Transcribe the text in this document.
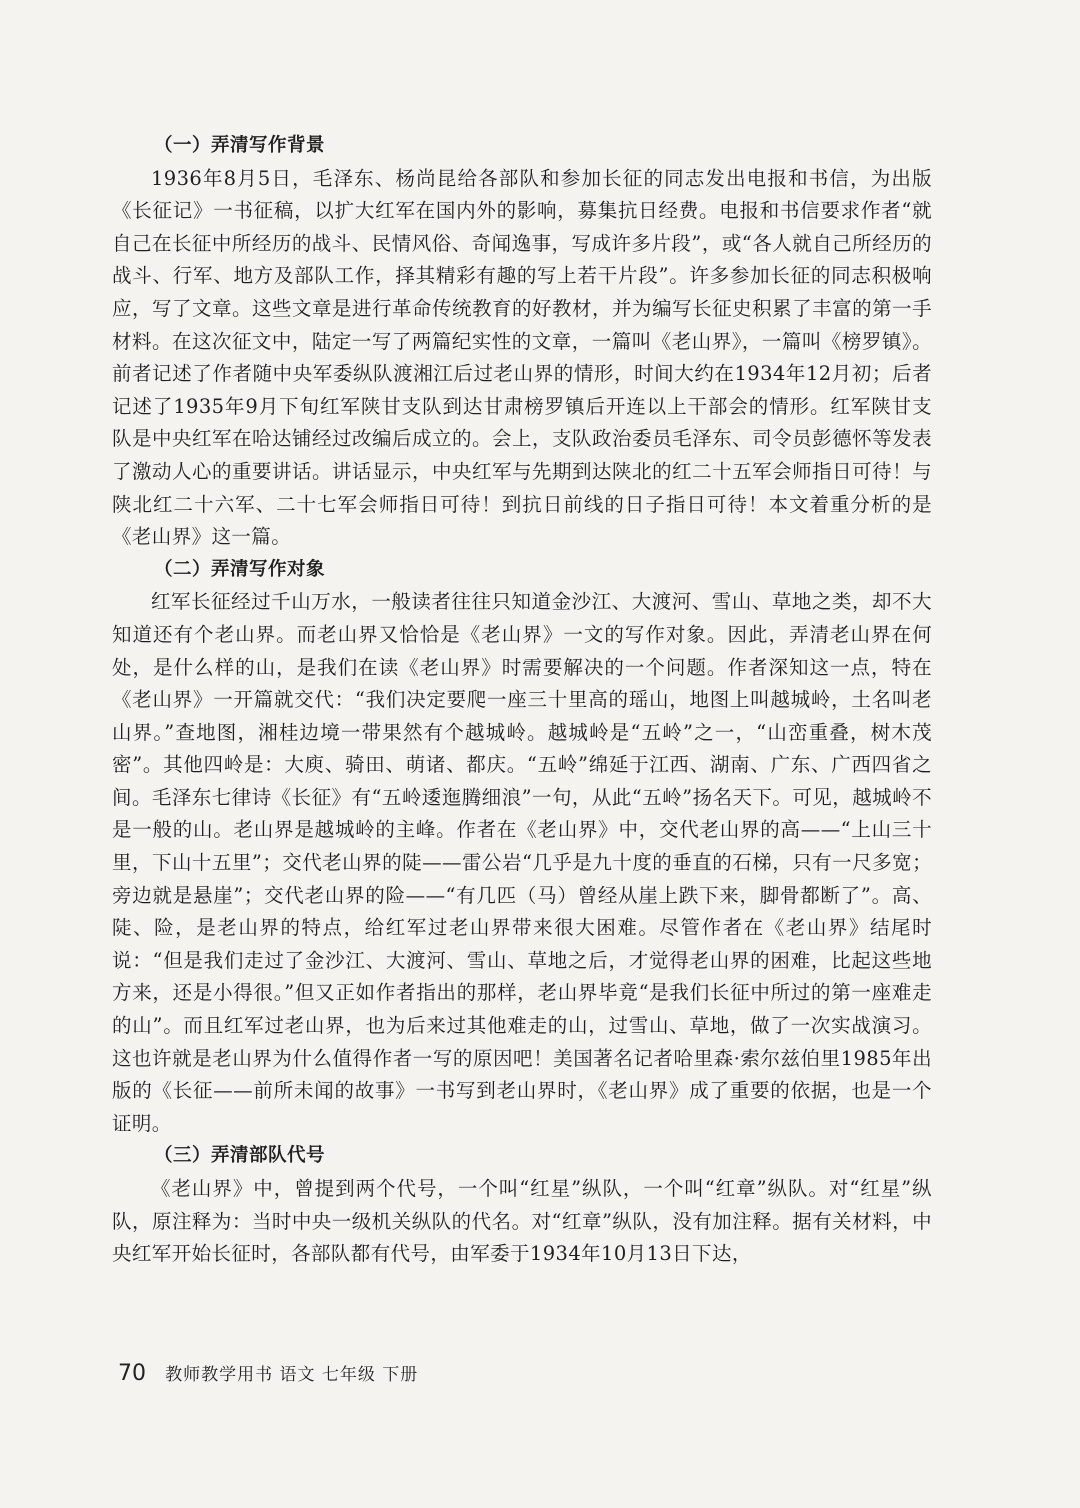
（一）弄清写作背景

1936年8月5日，毛泽东、杨尚昆给各部队和参加长征的同志发出电报和书信，为出版《长征记》一书征稿，以扩大红军在国内外的影响，募集抗日经费。电报和书信要求作者“就自己在长征中所经历的战斗、民情风俗、奇闻逸事，写成许多片段”，或“各人就自己所经历的战斗、行军、地方及部队工作，择其精彩有趣的写上若干片段”。许多参加长征的同志积极响应，写了文章。这些文章是进行革命传统教育的好教材，并为编写长征史积累了丰富的第一手材料。在这次征文中，陆定一写了两篇纪实性的文章，一篇叫《老山界》，一篇叫《榜罗镇》。前者记述了作者随中央军委纵队渡湘江后过老山界的情形，时间大约在1934年12月初；后者记述了1935年9月下旬红军陕甘支队到达甘肃榜罗镇后开连以上干部会的情形。红军陕甘支队是中央红军在哈达铺经过改编后成立的。会上，支队政治委员毛泽东、司令员彭德怀等发表了激动人心的重要讲话。讲话显示，中央红军与先期到达陕北的红二十五军会师指日可待！与陕北红二十六军、二十七军会师指日可待！到抗日前线的日子指日可待！本文着重分析的是《老山界》这一篇。

（二）弄清写作对象

红军长征经过千山万水，一般读者往往只知道金沙江、大渡河、雪山、草地之类，却不大知道还有个老山界。而老山界又恰恰是《老山界》一文的写作对象。因此，弄清老山界在何处，是什么样的山，是我们在读《老山界》时需要解决的一个问题。作者深知这一点，特在《老山界》一开篇就交代：“我们决定要爬一座三十里高的瑶山，地图上叫越城岭，土名叫老山界。”查地图，湘桂边境一带果然有个越城岭。越城岭是“五岭”之一，“山峦重叠，树木茂密”。其他四岭是：大庾、骑田、萌诸、都庆。“五岭”绵延于江西、湖南、广东、广西四省之间。毛泽东七律诗《长征》有“五岭逶迤腾细浪”一句，从此“五岭”扬名天下。可见，越城岭不是一般的山。老山界是越城岭的主峰。作者在《老山界》中，交代老山界的高——“上山三十里，下山十五里”；交代老山界的陡——雷公岩“几乎是九十度的垂直的石梯，只有一尺多宽；旁边就是悬崖”；交代老山界的险——“有几匹（马）曾经从崖上跌下来，脚骨都断了”。高、陡、险，是老山界的特点，给红军过老山界带来很大困难。尽管作者在《老山界》结尾时说：“但是我们走过了金沙江、大渡河、雪山、草地之后，才觉得老山界的困难，比起这些地方来，还是小得很。”但又正如作者指出的那样，老山界毕竟“是我们长征中所过的第一座难走的山”。而且红军过老山界，也为后来过其他难走的山，过雪山、草地，做了一次实战演习。这也许就是老山界为什么值得作者一写的原因吧！美国著名记者哈里森·索尔兹伯里1985年出版的《长征——前所未闻的故事》一书写到老山界时，《老山界》成了重要的依据，也是一个证明。

（三）弄清部队代号

《老山界》中，曾提到两个代号，一个叫“红星”纵队，一个叫“红章”纵队。对“红星”纵队，原注释为：当时中央一级机关纵队的代名。对“红章”纵队，没有加注释。据有关材料，中央红军开始长征时，各部队都有代号，由军委于1934年10月13日下达，

70 教师教学用书 语文 七年级 下册
